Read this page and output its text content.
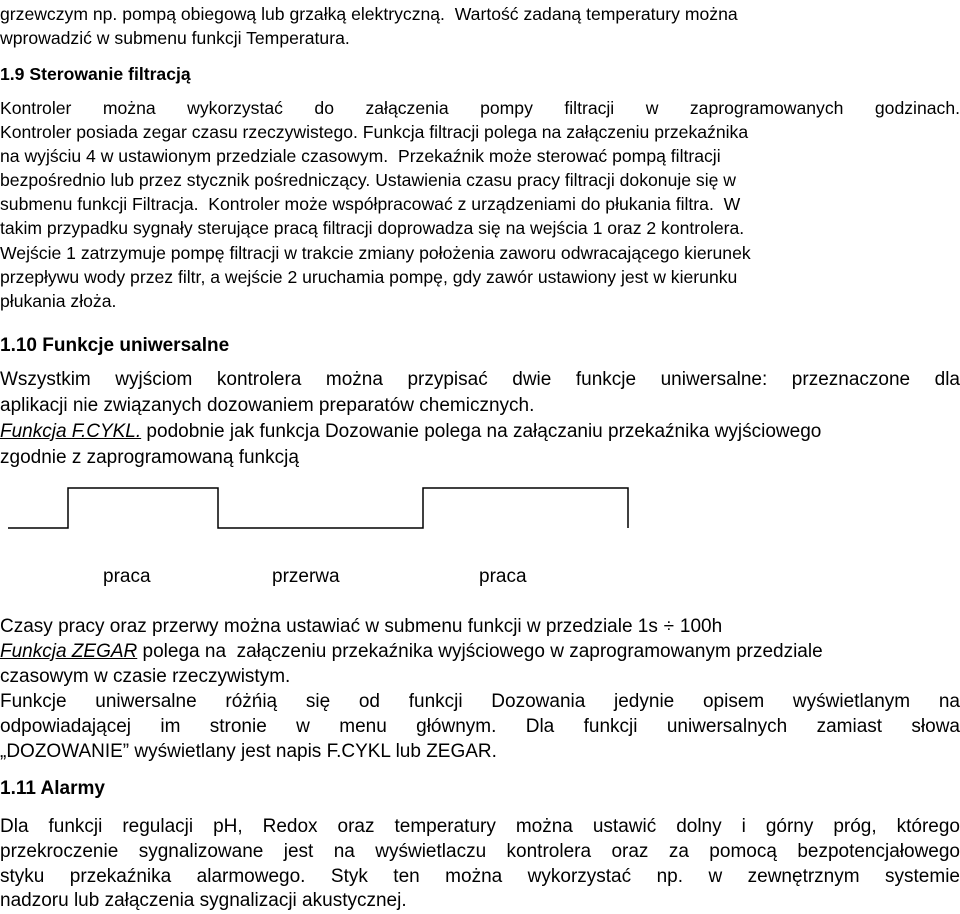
grzewczym np. pompą obiegową lub grzałką elektryczną.  Wartość zadaną temperatury można

wprowadzić w submenu funkcji Temperatura.

1.9 Sterowanie filtracją

Kontroler można wykorzystać do załączenia pompy filtracji w zaprogramowanych godzinach.

Kontroler posiada zegar czasu rzeczywistego. Funkcja filtracji polega na załączeniu przekaźnika

na wyjściu 4 w ustawionym przedziale czasowym.  Przekaźnik może sterować pompą filtracji

bezpośrednio lub przez stycznik pośredniczący. Ustawienia czasu pracy filtracji dokonuje się w

submenu funkcji Filtracja.  Kontroler może współpracować z urządzeniami do płukania filtra.  W

takim przypadku sygnały sterujące pracą filtracji doprowadza się na wejścia 1 oraz 2 kontrolera.

Wejście 1 zatrzymuje pompę filtracji w trakcie zmiany położenia zaworu odwracającego kierunek

przepływu wody przez filtr, a wejście 2 uruchamia pompę, gdy zawór ustawiony jest w kierunku

płukania złoża.

1.10 Funkcje uniwersalne

Wszystkim wyjściom kontrolera można przypisać dwie funkcje uniwersalne: przeznaczone dla

aplikacji nie związanych dozowaniem preparatów chemicznych.

Funkcja F.CYKL. podobnie jak funkcja Dozowanie polega na załączaniu przekaźnika wyjściowego

zgodnie z zaprogramowaną funkcją

praca	przerwa	praca

Czasy pracy oraz przerwy można ustawiać w submenu funkcji w przedziale 1s ÷ 100h

Funkcja ZEGAR polega na  załączeniu przekaźnika wyjściowego w zaprogramowanym przedziale

czasowym w czasie rzeczywistym.

Funkcje uniwersalne różńią się od funkcji Dozowania jedynie opisem wyświetlanym na

odpowiadającej im stronie w menu głównym. Dla funkcji uniwersalnych zamiast słowa

„DOZOWANIE” wyświetlany jest napis F.CYKL lub ZEGAR.

1.11 Alarmy

Dla funkcji regulacji pH, Redox oraz temperatury można ustawić dolny i górny próg, którego

przekroczenie sygnalizowane jest na wyświetlaczu kontrolera oraz za pomocą bezpotencjałowego

styku przekaźnika alarmowego. Styk ten można wykorzystać np. w zewnętrznym systemie

nadzoru lub załączenia sygnalizacji akustycznej.
